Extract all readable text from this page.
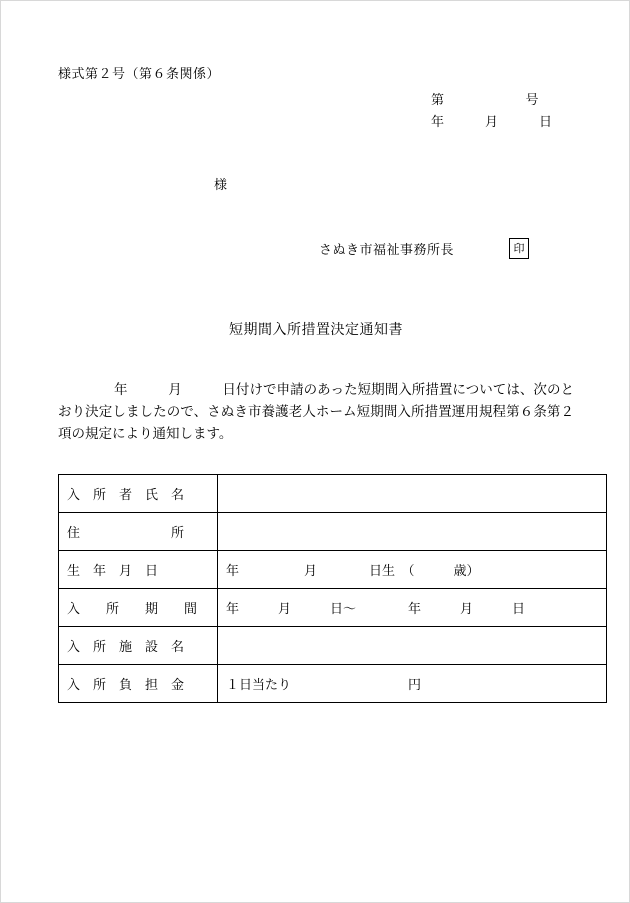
様式第２号（第６条関係）
第　　　　　　号
年　　　月　　　日
様
さぬき市福祉事務所長	印
短期間入所措置決定通知書
年　　　月　　　日付けで申請のあった短期間入所措置については、次のとおり決定しましたので、さぬき市養護老人ホーム短期間入所措置運用規程第６条第２項の規定により通知します。
入　所　者　氏　名	
住　　　　　　　所	
生　年　月　日	年　　　　　月　　　　日生　（　　　歳）
入　　所　　期　　間	年　　　月　　　日～　　　　年　　　月　　　日
入　所　施　設　名	
入　所　負　担　金	１日当たり　　　　　　　　　円
